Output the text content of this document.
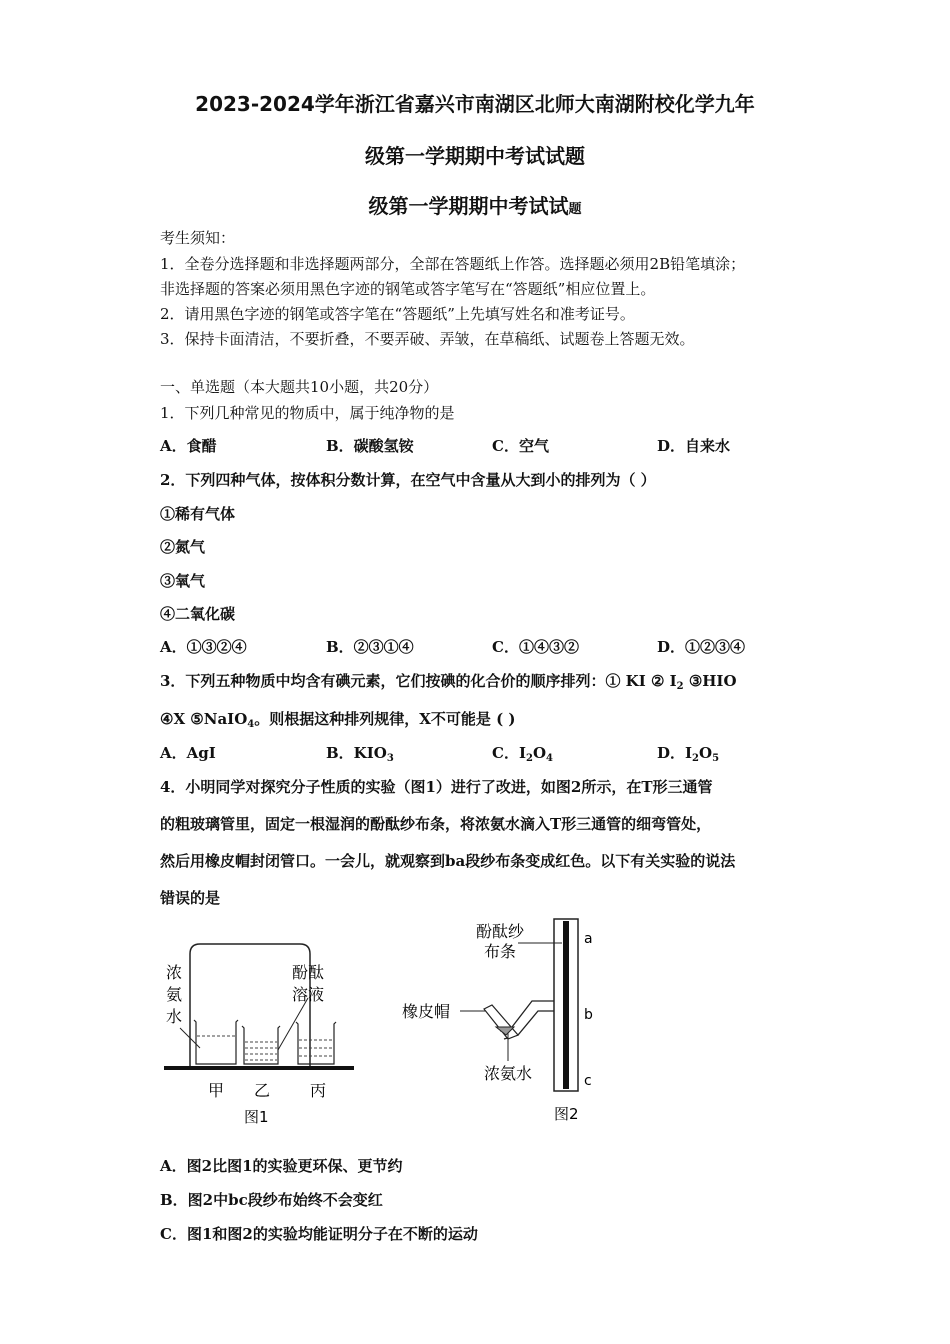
2023-2024学年浙江省嘉兴市南湖区北师大南湖附校化学九年
级第一学期期中考试试题
级第一学期期中考试试题
考生须知：
1．全卷分选择题和非选择题两部分，全部在答题纸上作答。选择题必须用2B铅笔填涂；
非选择题的答案必须用黑色字迹的钢笔或答字笔写在“答题纸”相应位置上。
2．请用黑色字迹的钢笔或答字笔在“答题纸”上先填写姓名和准考证号。
3．保持卡面清洁，不要折叠，不要弄破、弄皱，在草稿纸、试题卷上答题无效。
一、单选题（本大题共10小题，共20分）
1．下列几种常见的物质中，属于纯净物的是
A．食醋	B．碳酸氢铵	C．空气	D．自来水
2．下列四种气体，按体积分数计算，在空气中含量从大到小的排列为（ ）
①稀有气体
②氮气
③氧气
④二氧化碳
A．①③②④	B．②③①④	C．①④③②	D．①②③④
3．下列五种物质中均含有碘元素，它们按碘的化合价的顺序排列：① KI ② $I_2$ ③HIO
④X ⑤NaIO$_4$。则根据这种排列规律，X不可能是 ( )
A．AgI	B．$KIO_3$	C．$I_2O_4$	D．$I_2O_5$
4．小明同学对探究分子性质的实验（图1）进行了改进，如图2所示，在T形三通管
的粗玻璃管里，固定一根湿润的酚酞纱布条，将浓氨水滴入T形三通管的细弯管处，
然后用橡皮帽封闭管口。一会儿，就观察到ba段纱布条变成红色。以下有关实验的说法
错误的是
浓
氨
水
酚酞
溶液
甲 乙 丙
图1
酚酞纱
布条
橡皮帽
浓氨水
a
b
c
图2
A．图2比图1的实验更环保、更节约
B．图2中bc段纱布始终不会变红
C．图1和图2的实验均能证明分子在不断的运动
